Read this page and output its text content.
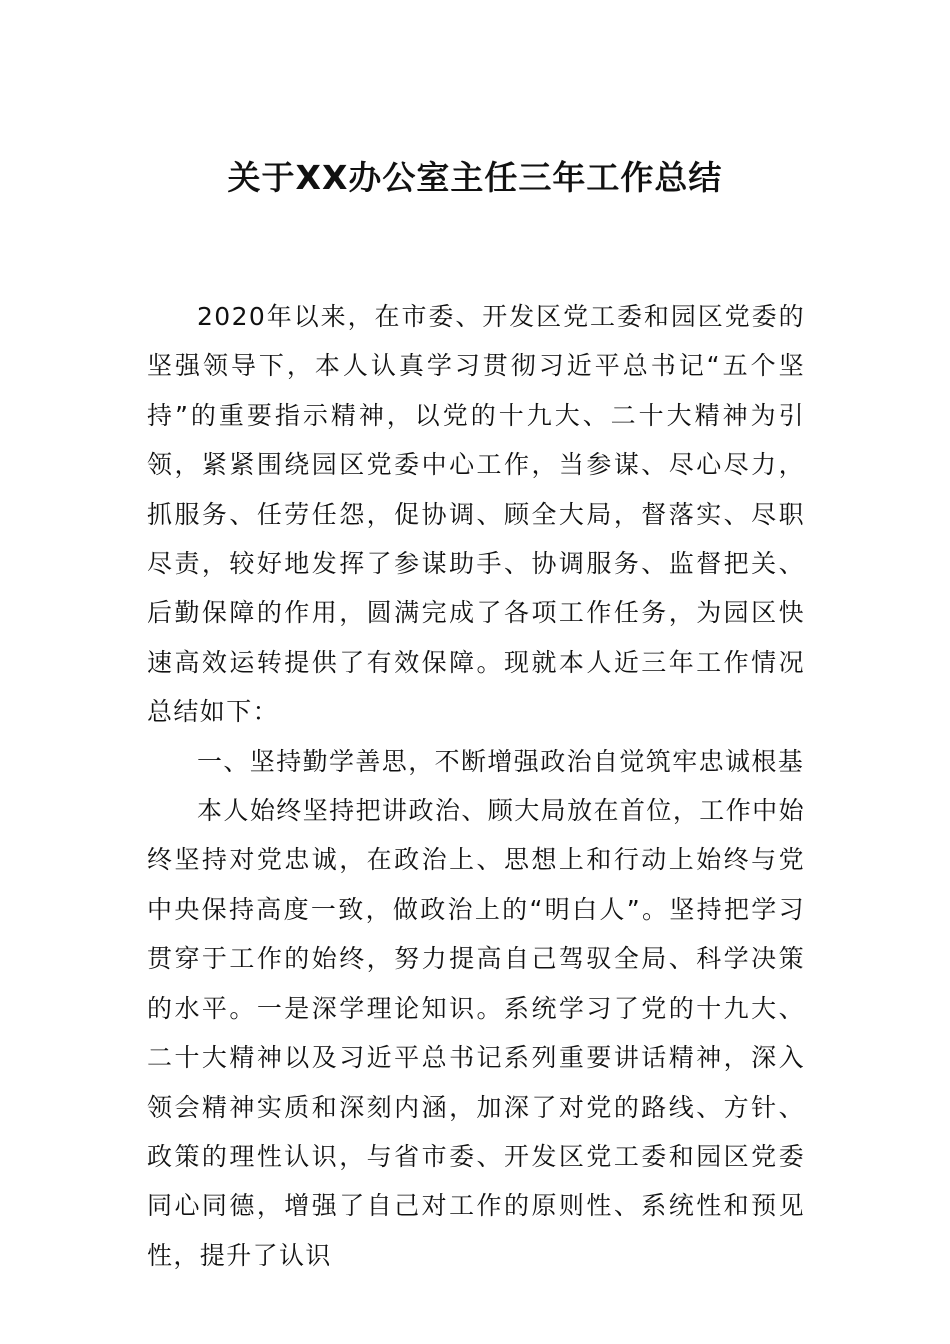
关于XX办公室主任三年工作总结

2020年以来，在市委、开发区党工委和园区党委的坚强领导下，本人认真学习贯彻习近平总书记“五个坚持”的重要指示精神，以党的十九大、二十大精神为引领，紧紧围绕园区党委中心工作，当参谋、尽心尽力，抓服务、任劳任怨，促协调、顾全大局，督落实、尽职尽责，较好地发挥了参谋助手、协调服务、监督把关、后勤保障的作用，圆满完成了各项工作任务，为园区快速高效运转提供了有效保障。现就本人近三年工作情况总结如下：

一、坚持勤学善思，不断增强政治自觉筑牢忠诚根基

本人始终坚持把讲政治、顾大局放在首位，工作中始终坚持对党忠诚，在政治上、思想上和行动上始终与党中央保持高度一致，做政治上的“明白人”。坚持把学习贯穿于工作的始终，努力提高自己驾驭全局、科学决策的水平。一是深学理论知识。系统学习了党的十九大、二十大精神以及习近平总书记系列重要讲话精神，深入领会精神实质和深刻内涵，加深了对党的路线、方针、政策的理性认识，与省市委、开发区党工委和园区党委同心同德，增强了自己对工作的原则性、系统性和预见性，提升了认识
